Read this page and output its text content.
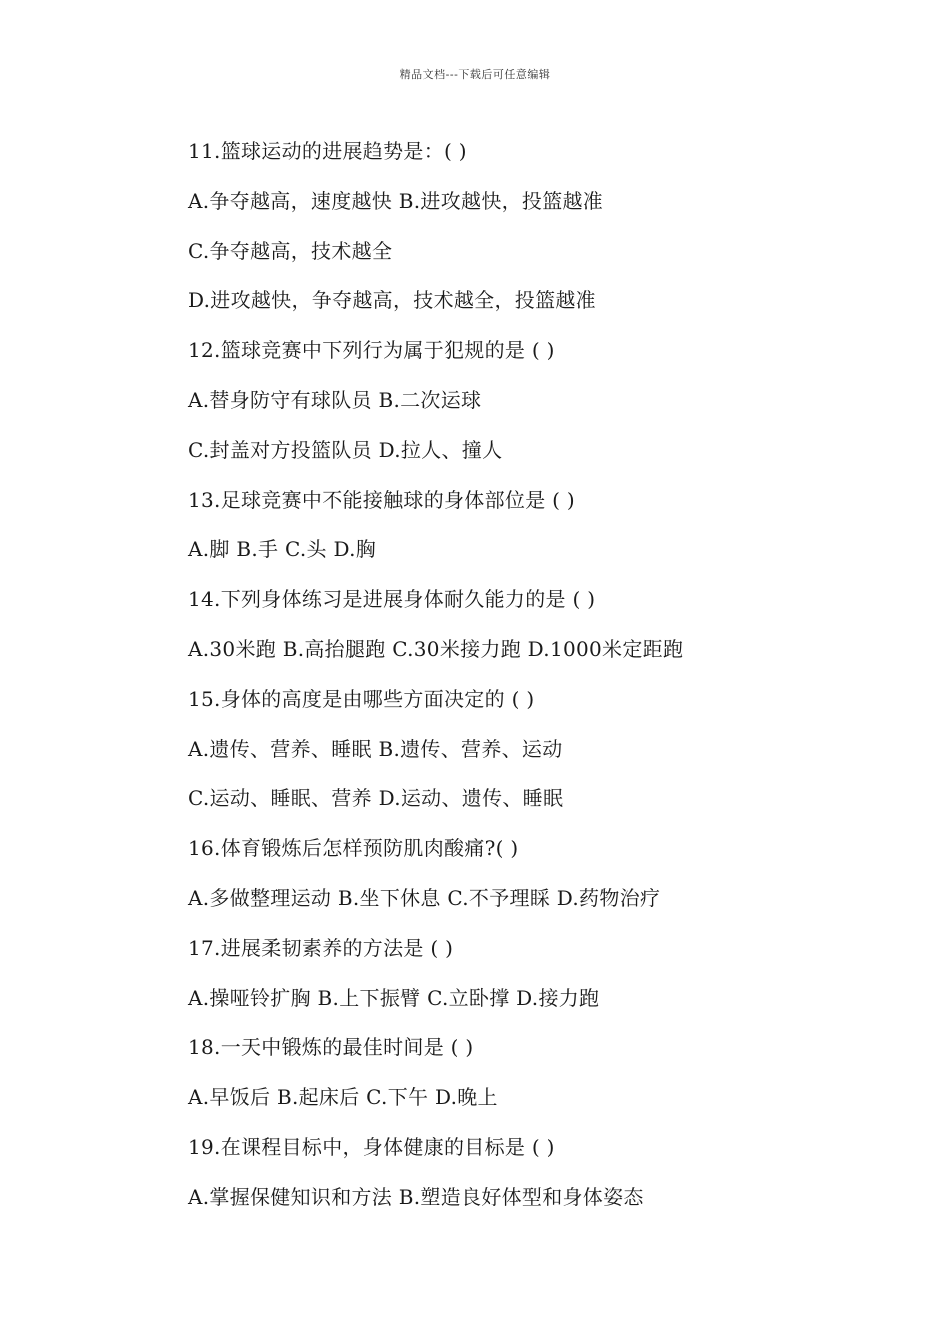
精品文档---下载后可任意编辑
11.篮球运动的进展趋势是：( )
A.争夺越高，速度越快 B.进攻越快，投篮越准
C.争夺越高，技术越全
D.进攻越快，争夺越高，技术越全，投篮越准
12.篮球竞赛中下列行为属于犯规的是 ( )
A.替身防守有球队员 B.二次运球
C.封盖对方投篮队员 D.拉人、撞人
13.足球竞赛中不能接触球的身体部位是 ( )
A.脚 B.手 C.头 D.胸
14.下列身体练习是进展身体耐久能力的是 ( )
A.30米跑 B.高抬腿跑 C.30米接力跑 D.1000米定距跑
15.身体的高度是由哪些方面决定的 ( )
A.遗传、营养、睡眠 B.遗传、营养、运动
C.运动、睡眠、营养 D.运动、遗传、睡眠
16.体育锻炼后怎样预防肌肉酸痛?( )
A.多做整理运动 B.坐下休息 C.不予理睬 D.药物治疗
17.进展柔韧素养的方法是 ( )
A.操哑铃扩胸 B.上下振臂 C.立卧撑 D.接力跑
18.一天中锻炼的最佳时间是 ( )
A.早饭后 B.起床后 C.下午 D.晚上
19.在课程目标中，身体健康的目标是 ( )
A.掌握保健知识和方法 B.塑造良好体型和身体姿态
